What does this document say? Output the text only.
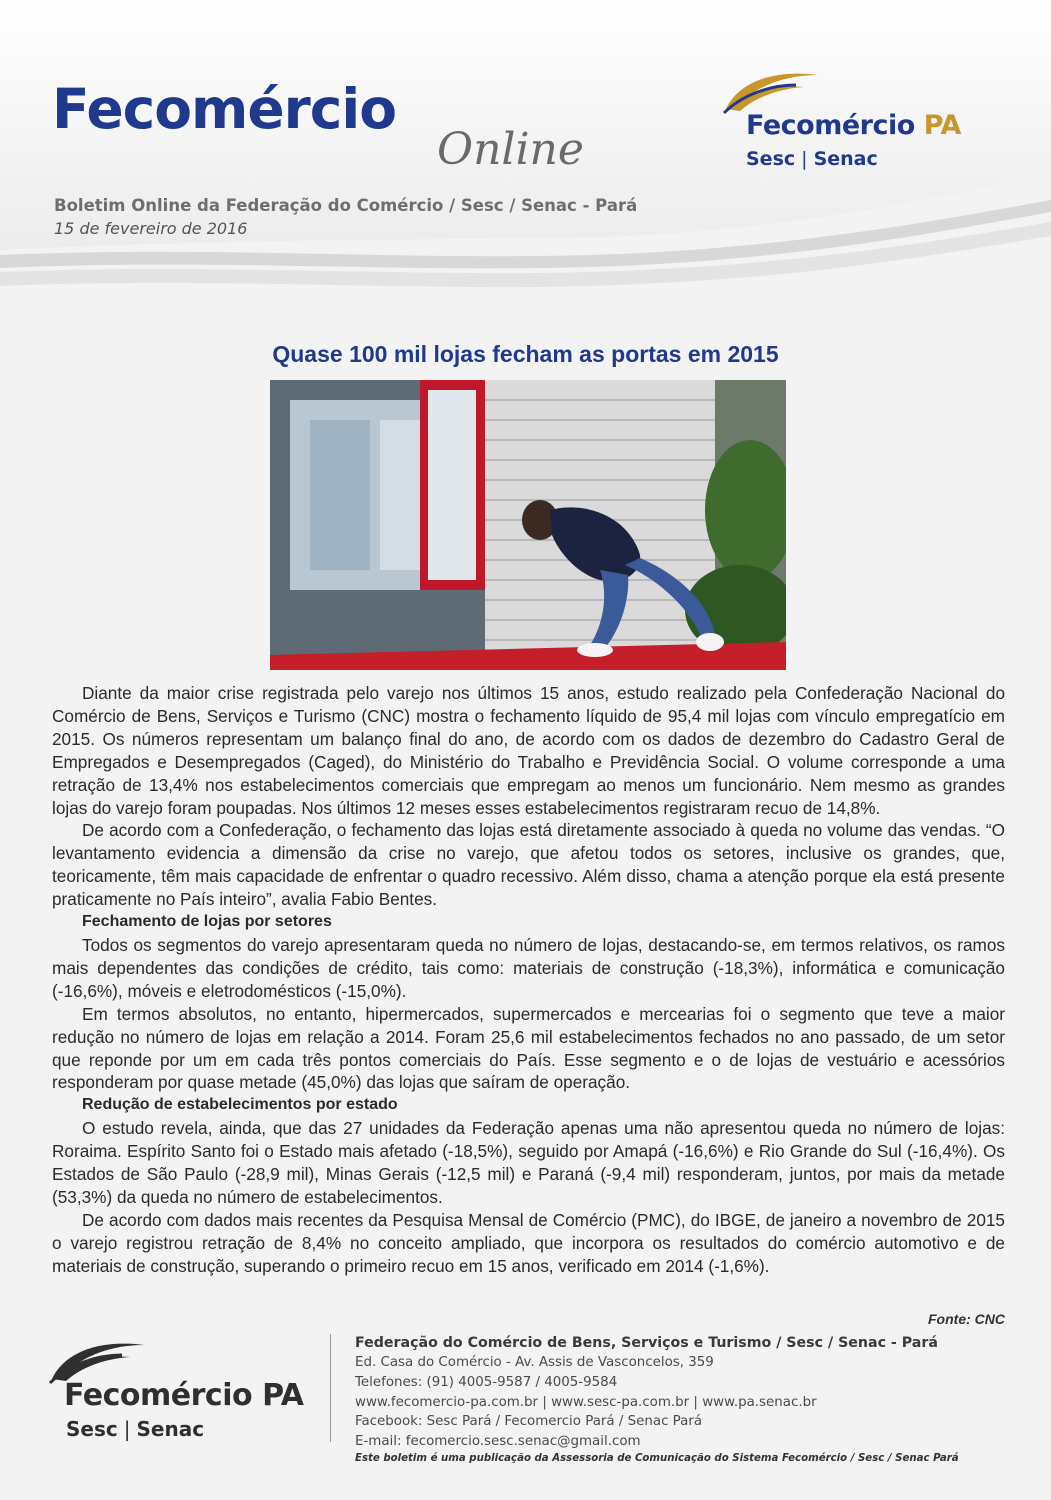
Fecomércio
Online
Boletim Online da Federação do Comércio / Sesc / Senac - Pará
15 de fevereiro de 2016
Fecomércio PA
Sesc | Senac
Quase 100 mil lojas fecham as portas em 2015

Diante da maior crise registrada pelo varejo nos últimos 15 anos, estudo realizado pela Confederação Nacional do Comércio de Bens, Serviços e Turismo (CNC) mostra o fechamento líquido de 95,4 mil lojas com vínculo empregatício em 2015. Os números representam um balanço final do ano, de acordo com os dados de dezembro do Cadastro Geral de Empregados e Desempregados (Caged), do Ministério do Trabalho e Previdência Social. O volume corresponde a uma retração de 13,4% nos estabelecimentos comerciais que empregam ao menos um funcionário. Nem mesmo as grandes lojas do varejo foram poupadas. Nos últimos 12 meses esses estabelecimentos registraram recuo de 14,8%.

De acordo com a Confederação, o fechamento das lojas está diretamente associado à queda no volume das vendas. “O levantamento evidencia a dimensão da crise no varejo, que afetou todos os setores, inclusive os grandes, que, teoricamente, têm mais capacidade de enfrentar o quadro recessivo. Além disso, chama a atenção porque ela está presente praticamente no País inteiro”, avalia Fabio Bentes.

Fechamento de lojas por setores

Todos os segmentos do varejo apresentaram queda no número de lojas, destacando-se, em termos relativos, os ramos mais dependentes das condições de crédito, tais como: materiais de construção (-18,3%), informática e comunicação (-16,6%), móveis e eletrodomésticos (-15,0%).

Em termos absolutos, no entanto, hipermercados, supermercados e mercearias foi o segmento que teve a maior redução no número de lojas em relação a 2014. Foram 25,6 mil estabelecimentos fechados no ano passado, de um setor que reponde por um em cada três pontos comerciais do País. Esse segmento e o de lojas de vestuário e acessórios responderam por quase metade (45,0%) das lojas que saíram de operação.

Redução de estabelecimentos por estado

O estudo revela, ainda, que das 27 unidades da Federação apenas uma não apresentou queda no número de lojas: Roraima. Espírito Santo foi o Estado mais afetado (-18,5%), seguido por Amapá (-16,6%) e Rio Grande do Sul (-16,4%). Os Estados de São Paulo (-28,9 mil), Minas Gerais (-12,5 mil) e Paraná (-9,4 mil) responderam, juntos, por mais da metade (53,3%) da queda no número de estabelecimentos.

De acordo com dados mais recentes da Pesquisa Mensal de Comércio (PMC), do IBGE, de janeiro a novembro de 2015 o varejo registrou retração de 8,4% no conceito ampliado, que incorpora os resultados do comércio automotivo e de materiais de construção, superando o primeiro recuo em 15 anos, verificado em 2014 (-1,6%).

Fonte: CNC
Fecomércio PA
Sesc | Senac
Federação do Comércio de Bens, Serviços e Turismo / Sesc / Senac - Pará
Ed. Casa do Comércio - Av. Assis de Vasconcelos, 359
Telefones: (91) 4005-9587 / 4005-9584
www.fecomercio-pa.com.br | www.sesc-pa.com.br | www.pa.senac.br
Facebook: Sesc Pará / Fecomercio Pará / Senac Pará
E-mail: fecomercio.sesc.senac@gmail.com
Este boletim é uma publicação da Assessoria de Comunicação do Sistema Fecomércio / Sesc / Senac Pará
